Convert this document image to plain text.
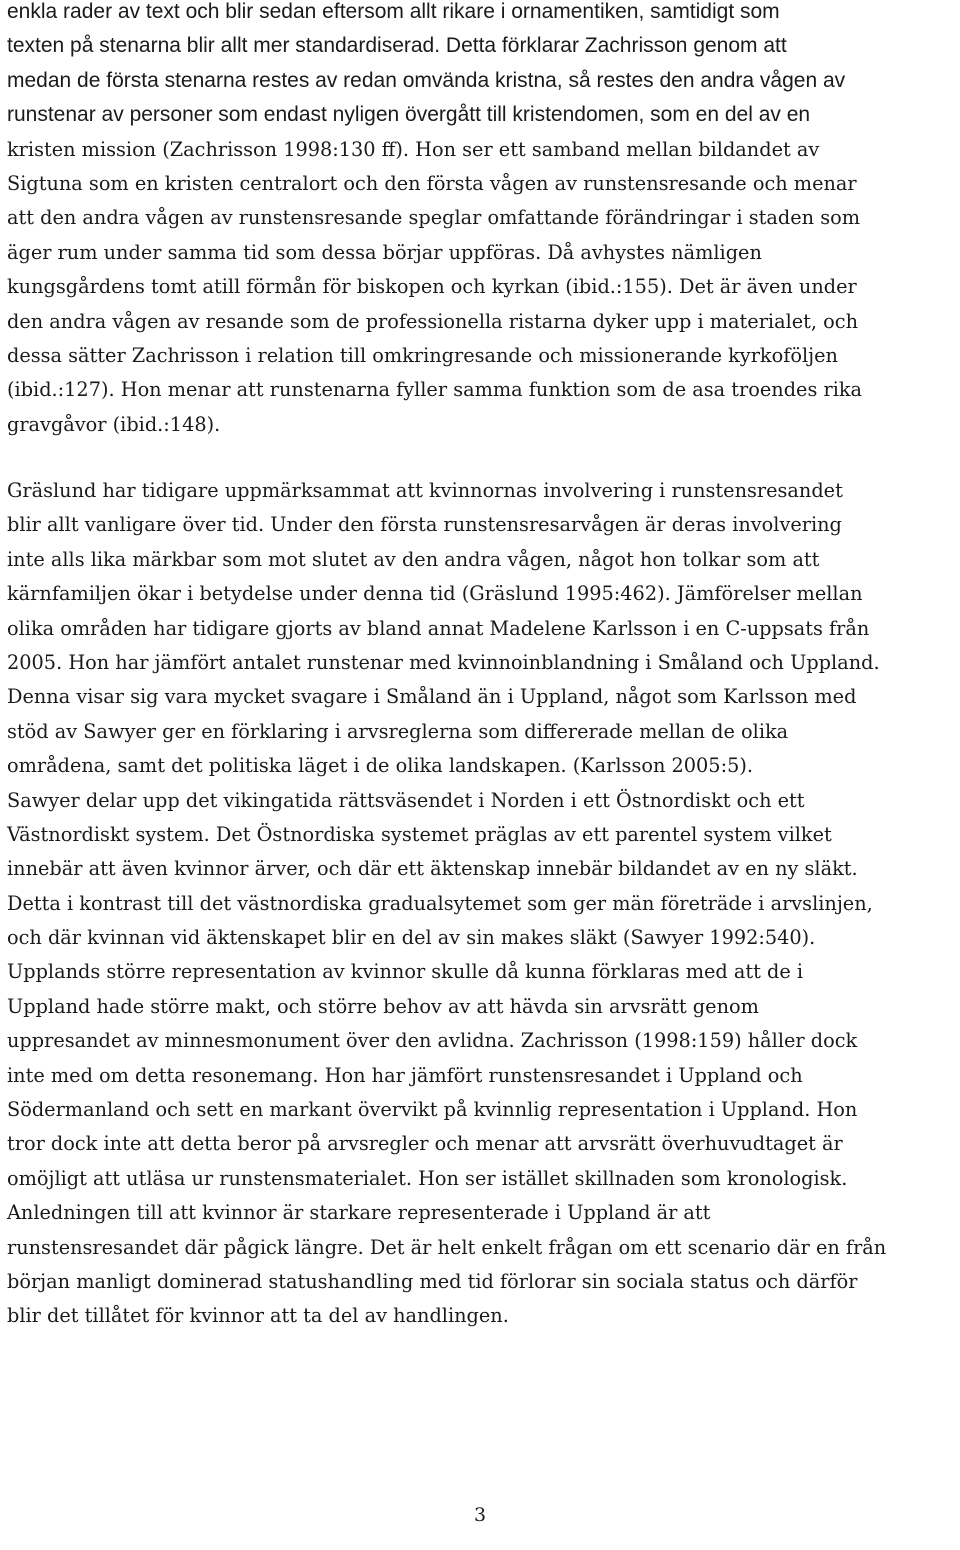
enkla rader av text och blir sedan eftersom allt rikare i ornamentiken, samtidigt som
texten på stenarna blir allt mer standardiserad. Detta förklarar Zachrisson genom att
medan de första stenarna restes av redan omvända kristna, så restes den andra vågen av
runstenar av personer som endast nyligen övergått till kristendomen, som en del av en
kristen mission (Zachrisson 1998:130 ff). Hon ser ett samband mellan bildandet av
Sigtuna som en kristen centralort och den första vågen av runstensresande och menar
att den andra vågen av runstensresande speglar omfattande förändringar i staden som
äger rum under samma tid som dessa börjar uppföras. Då avhystes nämligen
kungsgårdens tomt atill förmån för biskopen och kyrkan (ibid.:155). Det är även under
den andra vågen av resande som de professionella ristarna dyker upp i materialet, och
dessa sätter Zachrisson i relation till omkringresande och missionerande kyrkoföljen
(ibid.:127). Hon menar att runstenarna fyller samma funktion som de asa troendes rika
gravgåvor (ibid.:148).
Gräslund har tidigare uppmärksammat att kvinnornas involvering i runstensresandet
blir allt vanligare över tid. Under den första runstensresarvågen är deras involvering
inte alls lika märkbar som mot slutet av den andra vågen, något hon tolkar som att
kärnfamiljen ökar i betydelse under denna tid (Gräslund 1995:462). Jämförelser mellan
olika områden har tidigare gjorts av bland annat Madelene Karlsson i en C-uppsats från
2005. Hon har jämfört antalet runstenar med kvinnoinblandning i Småland och Uppland.
Denna visar sig vara mycket svagare i Småland än i Uppland, något som Karlsson med
stöd av Sawyer ger en förklaring i arvsreglerna som differerade mellan de olika
områdena, samt det politiska läget i de olika landskapen. (Karlsson 2005:5).
Sawyer delar upp det vikingatida rättsväsendet i Norden i ett Östnordiskt och ett
Västnordiskt system. Det Östnordiska systemet präglas av ett parentel system vilket
innebär att även kvinnor ärver, och där ett äktenskap innebär bildandet av en ny släkt.
Detta i kontrast till det västnordiska gradualsytemet som ger män företräde i arvslinjen,
och där kvinnan vid äktenskapet blir en del av sin makes släkt (Sawyer 1992:540).
Upplands större representation av kvinnor skulle då kunna förklaras med att de i
Uppland hade större makt, och större behov av att hävda sin arvsrätt genom
uppresandet av minnesmonument över den avlidna. Zachrisson (1998:159) håller dock
inte med om detta resonemang. Hon har jämfört runstensresandet i Uppland och
Södermanland och sett en markant övervikt på kvinnlig representation i Uppland. Hon
tror dock inte att detta beror på arvsregler och menar att arvsrätt överhuvudtaget är
omöjligt att utläsa ur runstensmaterialet. Hon ser istället skillnaden som kronologisk.
Anledningen till att kvinnor är starkare representerade i Uppland är att
runstensresandet där pågick längre. Det är helt enkelt frågan om ett scenario där en från
början manligt dominerad statushandling med tid förlorar sin sociala status och därför
blir det tillåtet för kvinnor att ta del av handlingen.
3
